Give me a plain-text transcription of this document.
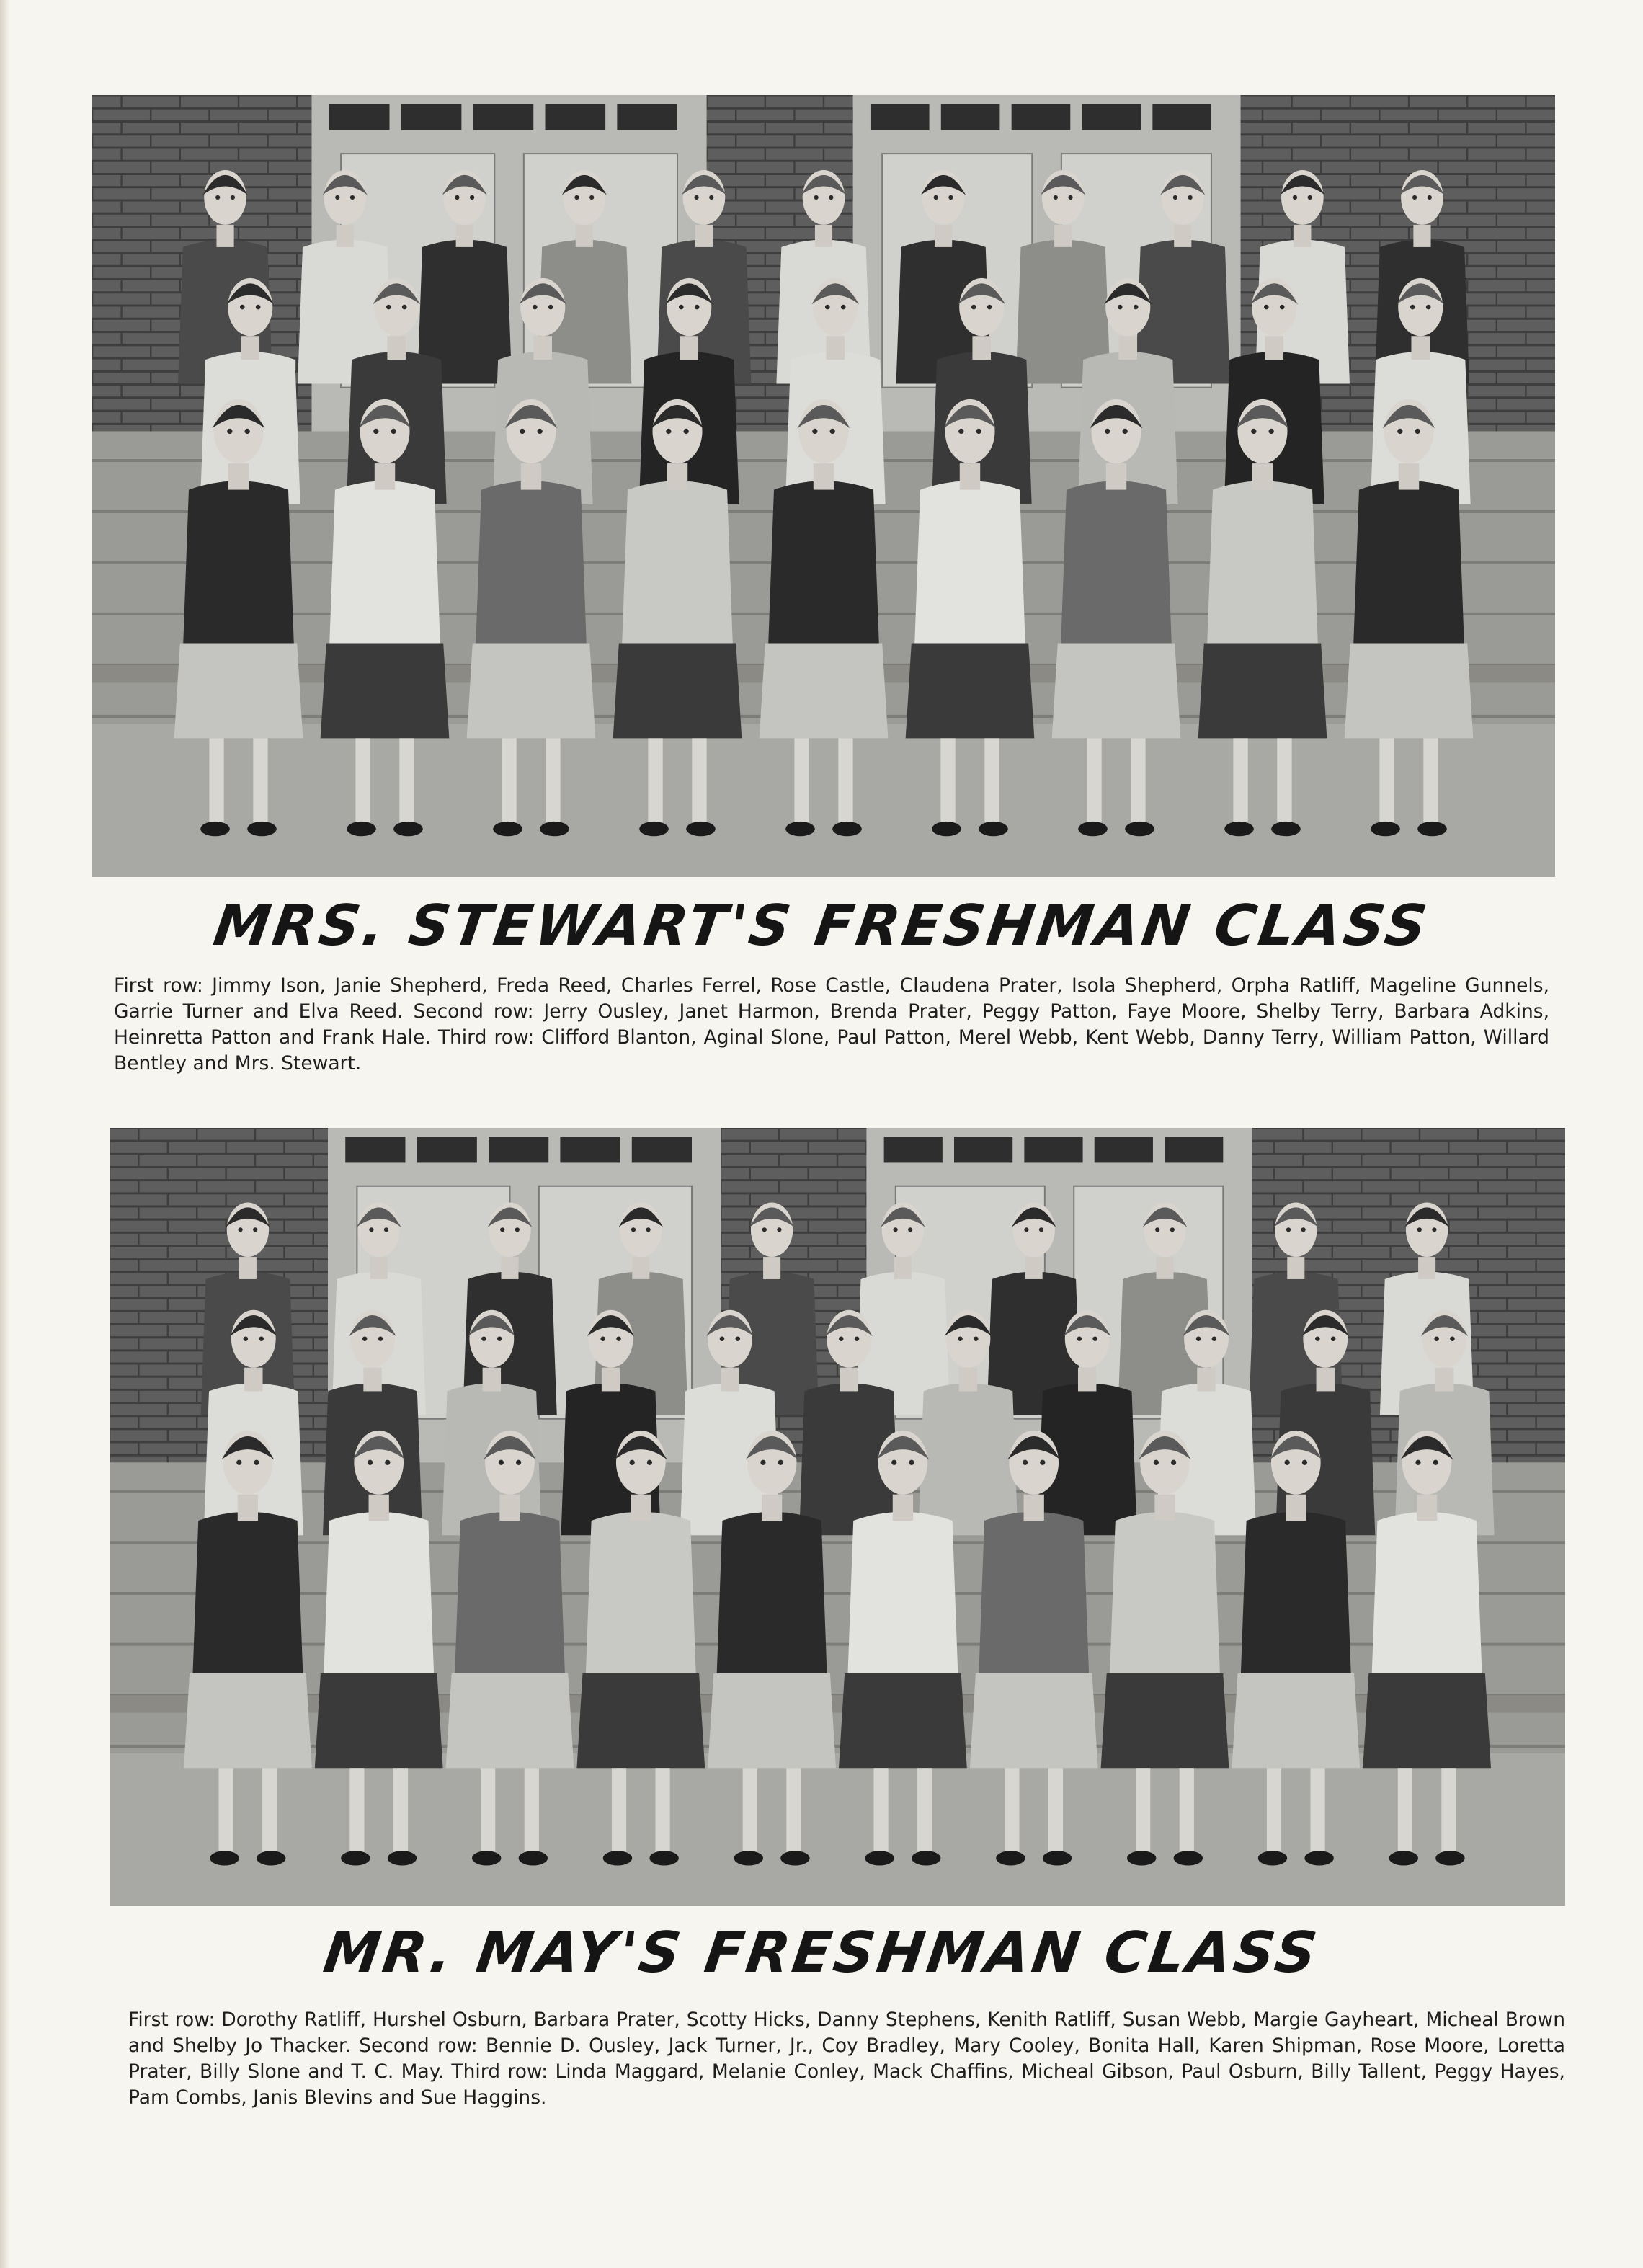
MRS. STEWART'S FRESHMAN CLASS
First row: Jimmy Ison, Janie Shepherd, Freda Reed, Charles Ferrel, Rose Castle, Claudena Prater, Isola Shepherd, Orpha Ratliff, Mageline Gunnels, Garrie Turner and Elva Reed. Second row: Jerry Ousley, Janet Harmon, Brenda Prater, Peggy Patton, Faye Moore, Shelby Terry, Barbara Adkins, Heinretta Patton and Frank Hale. Third row: Clifford Blanton, Aginal Slone, Paul Patton, Merel Webb, Kent Webb, Danny Terry, William Patton, Willard Bentley and Mrs. Stewart.
MR. MAY'S FRESHMAN CLASS
First row: Dorothy Ratliff, Hurshel Osburn, Barbara Prater, Scotty Hicks, Danny Stephens, Kenith Ratliff, Susan Webb, Margie Gayheart, Micheal Brown and Shelby Jo Thacker. Second row: Bennie D. Ousley, Jack Turner, Jr., Coy Bradley, Mary Cooley, Bonita Hall, Karen Shipman, Rose Moore, Loretta Prater, Billy Slone and T. C. May. Third row: Linda Maggard, Melanie Conley, Mack Chaffins, Micheal Gibson, Paul Osburn, Billy Tallent, Peggy Hayes, Pam Combs, Janis Blevins and Sue Haggins.
